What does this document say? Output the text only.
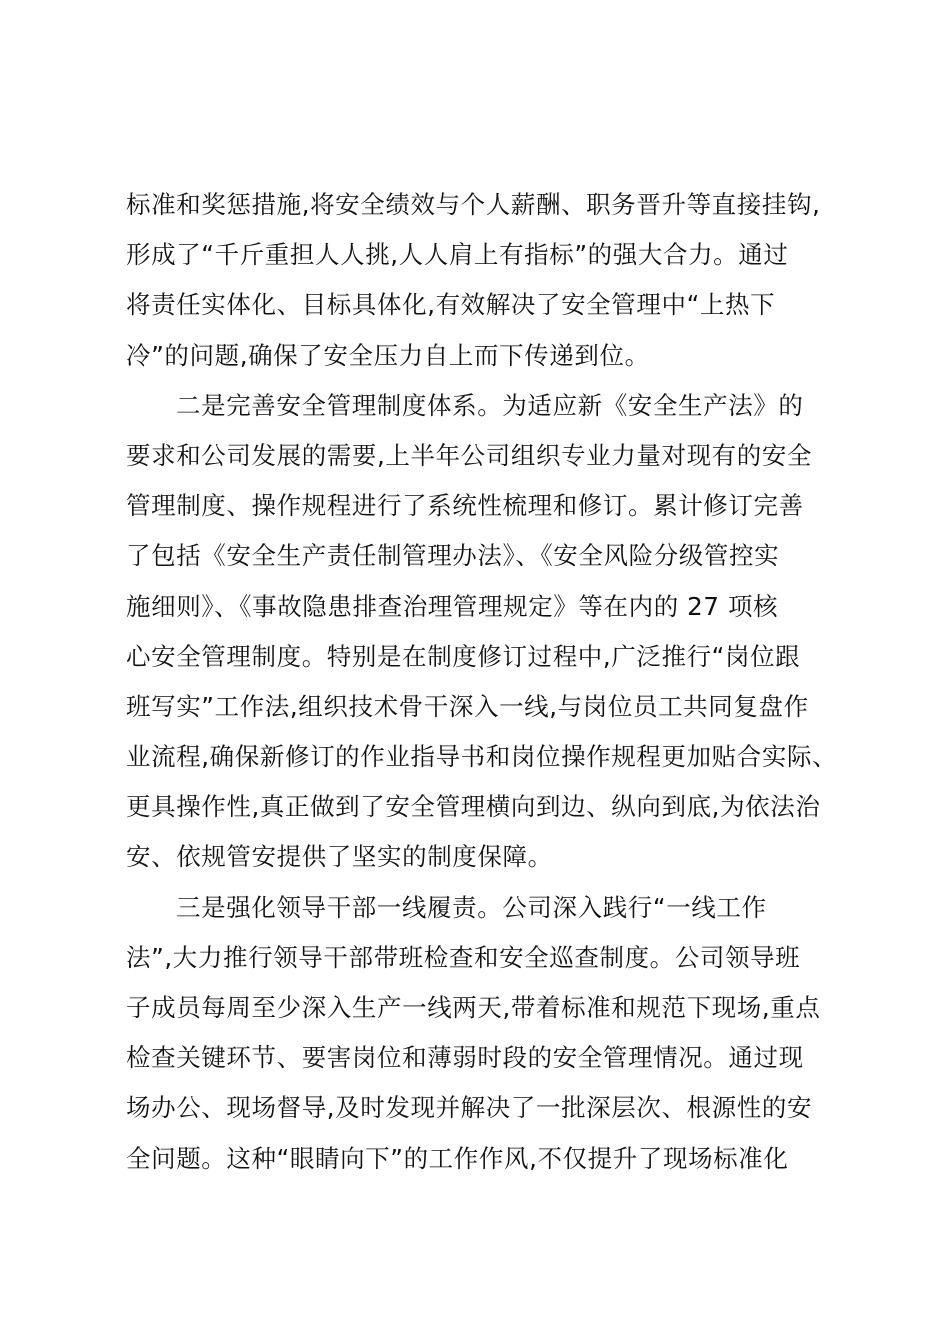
标准和奖惩措施,将安全绩效与个人薪酬、职务晋升等直接挂钩,
形成了“千斤重担人人挑,人人肩上有指标”的强大合力。通过
将责任实体化、目标具体化,有效解决了安全管理中“上热下
冷”的问题,确保了安全压力自上而下传递到位。
二是完善安全管理制度体系。为适应新《安全生产法》的
要求和公司发展的需要,上半年公司组织专业力量对现有的安全
管理制度、操作规程进行了系统性梳理和修订。累计修订完善
了包括《安全生产责任制管理办法》、《安全风险分级管控实
施细则》、《事故隐患排查治理管理规定》等在内的 27 项核
心安全管理制度。特别是在制度修订过程中,广泛推行“岗位跟
班写实”工作法,组织技术骨干深入一线,与岗位员工共同复盘作
业流程,确保新修订的作业指导书和岗位操作规程更加贴合实际、
更具操作性,真正做到了安全管理横向到边、纵向到底,为依法治
安、依规管安提供了坚实的制度保障。
三是强化领导干部一线履责。公司深入践行“一线工作
法”,大力推行领导干部带班检查和安全巡查制度。公司领导班
子成员每周至少深入生产一线两天,带着标准和规范下现场,重点
检查关键环节、要害岗位和薄弱时段的安全管理情况。通过现
场办公、现场督导,及时发现并解决了一批深层次、根源性的安
全问题。这种“眼睛向下”的工作作风,不仅提升了现场标准化
